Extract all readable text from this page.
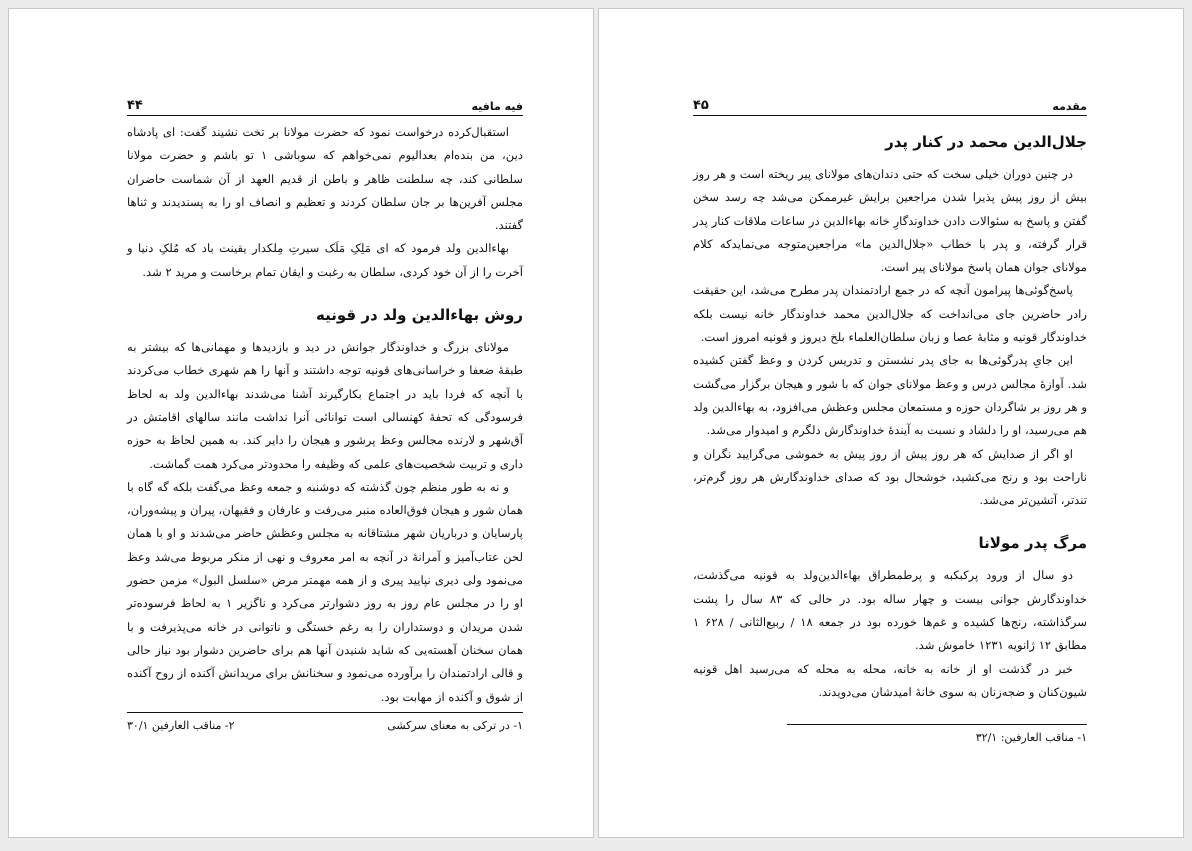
فيه مافيه
۴۴

استقبال‌کرده درخواست نمود که حضرت مولانا بر تخت نشیند گفت: ای پادشاه دین، من بنده‌ام بعدالیوم نمی‌خواهم که سوباشی ۱ تو باشم و حضرت مولانا سلطانی کند، چه سلطنت ظاهر و باطن از قدیم العهد از آن شماست حاضران مجلس آفرین‌ها بر جان سلطان کردند و تعظیم و انصاف او را به پسندیدند و ثناها گفتند.

بهاءالدین ولد فرمود که ای مَلِکِ مَلَک سیرتِ مِلکدار یقینت باد که مُلکِ دنیا و آخرت را از آن خود کردی، سلطان به رغبت و ایقان تمام برخاست و مرید ۲ شد.

روش بهاءالدین ولد در قونیه

مولانای بزرگ و خداوندگار جوانش در دید و بازدیدها و مهمانی‌ها که بیشتر به طبقهٔ ضعفا و خراسانی‌های قونیه توجه داشتند و آنها را هم شهری خطاب می‌کردند با آنچه که فردا باید در اجتماع بکارگیرند آشنا می‌شدند بهاءالدین ولد به لحاظ فرسودگی که تحفهٔ کهنسالی است توانائی آنرا نداشت مانند سالهای اقامتش در آق‌شهر و لارنده مجالس وعظ پرشور و هیجان را دایر کند. به همین لحاظ به حوزه داری و تربیت شخصیت‌های علمی که وظیفه را محدودتر می‌کرد همت گماشت.

و نه به طور منظم چون گذشته که دوشنبه و جمعه وعظ می‌گفت بلکه گه گاه با همان شور و هیجان فوق‌العاده منبر می‌رفت و عارفان و فقیهان، پیران و پیشه‌وران، پارسایان و درباریان شهر مشتاقانه به مجلس وعظش حاضر می‌شدند و او با همان لحن عتاب‌آمیز و آمرانهٔ در آنچه به امر معروف و نهی از منکر مربوط می‌شد وعظ می‌نمود ولی دیری نپایید پیری و از همه مهمتر مرض «سلسل البول» مزمن حضور او را در مجلس عام روز به روز دشوارتر می‌کرد و ناگزیر ۱ به لحاظ فرسوده‌تر شدن مریدان و دوستداران را به رغم خستگی و ناتوانی در خانه می‌پذیرفت و با همان سخنان آهسته‌یی که شاید شنیدن آنها هم برای حاضرین دشوار بود نیاز حالی و قالی ارادتمندان را برآورده می‌نمود و سخنانش برای مریدانش آکنده از روح آکنده از شوق و آکنده از مهابت بود.

۱- در ترکی به معنای سرکشی
۲- مناقب العارفین ۳۰/۱
مقدمه
۴۵
جلال‌الدین محمد در کنار پدر

در چنین دوران خیلی سخت که حتی دندان‌های مولانای پیر ریخته است و هر روز بیش از روز پیش پذیرا شدن مراجعین برایش غیرممکن می‌شد چه رسد سخن گفتن و پاسخ به سئوالات دادن خداوندگارِ خانه بهاءالدین در ساعات ملاقات کنار پدر قرار گرفته، و پدر با خطاب «جلال‌الدین ما» مراجعین‌متوجه می‌نمایدکه کلام مولانای جوان همان پاسخ مولانای پیر است.

پاسخ‌گوئی‌ها پیرامون آنچه که در جمع ارادتمندان پدر مطرح می‌شد، این حقیقت رادر حاضرین جای می‌انداخت که جلال‌الدین محمد خداوندگار خانه نیست بلکه خداوندگار قونیه و مثابهٔ عصا و زبان سلطان‌العلماء بلخ دیروز و قونیه امروز است.

این جایِ پدرگوئی‌ها به جای پدر نشستن و تدریس کردن و وعظ گفتن کشیده شد. آوازهٔ مجالس درس و وعظ مولانای جوان که با شور و هیجان برگزار می‌گشت و هر روز بر شاگردان حوزه و مستمعان مجلس وعظش می‌افزود، به بهاءالدین ولد هم می‌رسید، او را دلشاد و نسبت به آیندهٔ خداوندگارش دلگرم و امیدوار می‌شد.

او اگر از صدایش که هر روز پیش از روز پیش به خموشی می‌گرایید نگران و ناراحت بود و رنج می‌کشید، خوشحال بود که صدای خداوندگارش هر روز گرم‌تر، تندتر، آتشین‌تر می‌شد.

مرگ پدر مولانا

دو سال از ورود پرکبکبه و پرطمطراق بهاءالدین‌ولد به قونیه می‌گذشت، خداوندگارش جوانی بیست و چهار ساله بود. در حالی که ۸۳ سال را پشت سرگذاشته، رنج‌ها کشیده و غم‌ها خورده بود در جمعه ۱۸ / ربیع‌الثانی / ۶۲۸ ۱ مطابق ۱۲ ژانویه ۱۲۳۱ خاموش شد.

خبر در گذشت او از خانه به خانه، محله به محله که می‌رسید اهل قونیه شیون‌کنان و ضجه‌زنان به سوی خانهٔ امیدشان می‌دویدند.

۱- مناقب العارفین: ۳۲/۱
